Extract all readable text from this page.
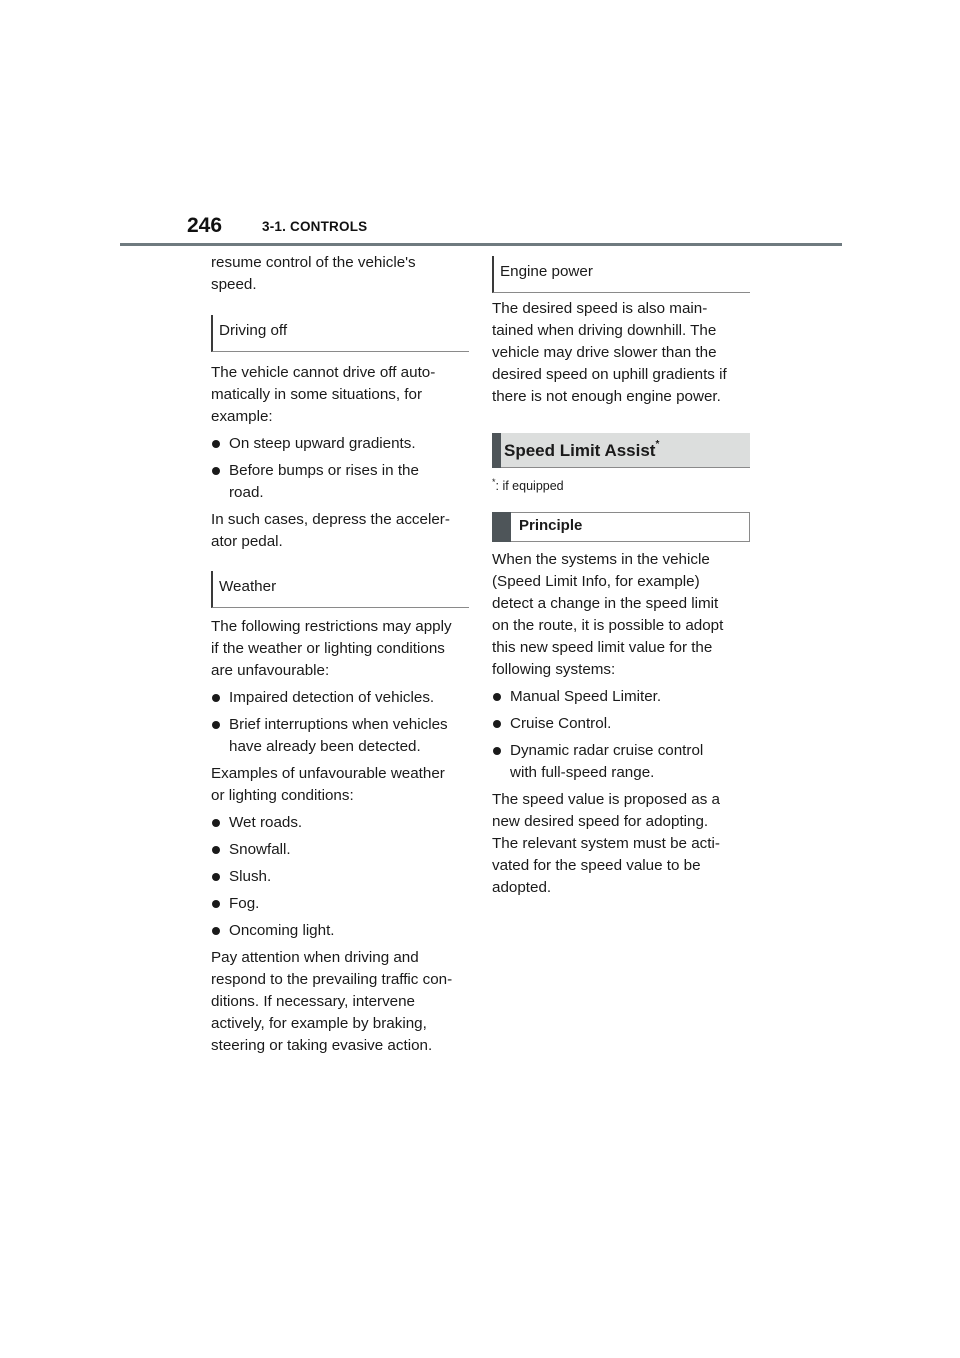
246	3-1. CONTROLS

resume control of the vehicle's
speed.

Driving off

The vehicle cannot drive off auto-
matically in some situations, for
example:

On steep upward gradients.
Before bumps or rises in the
road.

In such cases, depress the acceler-
ator pedal.

Weather

The following restrictions may apply
if the weather or lighting conditions
are unfavourable:

Impaired detection of vehicles.
Brief interruptions when vehicles
have already been detected.

Examples of unfavourable weather
or lighting conditions:

Wet roads.
Snowfall.
Slush.
Fog.
Oncoming light.

Pay attention when driving and
respond to the prevailing traffic con-
ditions. If necessary, intervene
actively, for example by braking,
steering or taking evasive action.

Engine power

The desired speed is also main-
tained when driving downhill. The
vehicle may drive slower than the
desired speed on uphill gradients if
there is not enough engine power.

Speed Limit Assist*
*: if equipped
Principle

When the systems in the vehicle
(Speed Limit Info, for example)
detect a change in the speed limit
on the route, it is possible to adopt
this new speed limit value for the
following systems:

Manual Speed Limiter.
Cruise Control.
Dynamic radar cruise control
with full-speed range.

The speed value is proposed as a
new desired speed for adopting.
The relevant system must be acti-
vated for the speed value to be
adopted.
